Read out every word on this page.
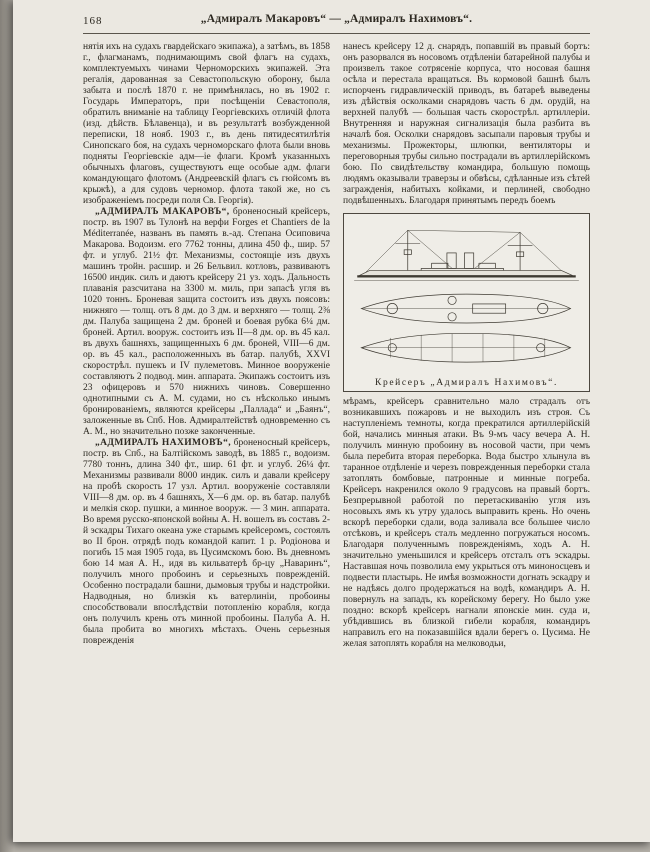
168	„Адмиралъ Макаровъ“ — „Адмиралъ Нахимовъ“.

нятія ихъ на судахъ гвардейскаго экипажа), а затѣмъ, въ 1858 г., флагманамъ, поднимающимъ свой флагъ на судахъ, комплектуемыхъ чинами Черноморскихъ экипажей. Эта регалія, дарованная за Севастопольскую оборону, была забыта и послѣ 1870 г. не примѣнялась, но въ 1902 г. Государь Императоръ, при посѣщеніи Севастополя, обратилъ вниманіе на таблицу Георгіевскихъ отличій флота (изд. дѣйств. Бѣлавенца), и въ результатѣ возбужденной переписки, 18 нояб. 1903 г., въ день пятидесятилѣтія Синопскаго боя, на судахъ черноморскаго флота были вновь подняты Георгіевскіе адм—іе флаги. Кромѣ указанныхъ обычныхъ флаговъ, существуютъ еще особые адм. флаги командующаго флотомъ (Андреевскій флагъ съ гюйсомъ въ крыжѣ), а для судовъ черномор. флота такой же, но съ изображеніемъ посреди поля Св. Георгія).

„АДМИРАЛЪ МАКАРОВЪ“, броненосный крейсеръ, постр. въ 1907 въ Тулонѣ на верфи Forges et Chantiers de la Méditerranée, названъ въ память в.-ад. Степана Осиповича Макарова. Водоизм. его 7762 тонны, длина 450 ф., шир. 57 фт. и углуб. 21½ фт. Механизмы, состоящіе изъ двухъ машинъ тройн. расшир. и 26 Бельвил. котловъ, развиваютъ 16500 индик. силъ и даютъ крейсеру 21 уз. ходъ. Дальность плаванія разсчитана на 3300 м. миль, при запасѣ угля въ 1020 тоннъ. Броневая защита состоитъ изъ двухъ поясовъ: нижняго — толщ. отъ 8 дм. до 3 дм. и верхняго — толщ. 2⅜ дм. Палуба защищена 2 дм. броней и боевая рубка 6¼ дм. броней. Артил. вооруж. состоитъ изъ II—8 дм. ор. въ 45 кал. въ двухъ башняхъ, защищенныхъ 6 дм. броней, VIII—6 дм. ор. въ 45 кал., расположенныхъ въ батар. палубѣ, XXVI скорострѣл. пушекъ и IV пулеметовъ. Минное вооруженіе составляютъ 2 подвод. мин. аппарата. Экипажъ состоитъ изъ 23 офицеровъ и 570 нижнихъ чиновъ. Совершенно однотипными съ А. М. судами, но съ нѣсколько инымъ бронированіемъ, являются крейсеры „Паллада“ и „Баянъ“, заложенные въ Спб. Нов. Адмиралтействѣ одновременно съ А. М., но значительно позже законченные.

„АДМИРАЛЪ НАХИМОВЪ“, броненосный крейсеръ, постр. въ Спб., на Балтійскомъ заводѣ, въ 1885 г., водоизм. 7780 тоннъ, длина 340 фт., шир. 61 фт. и углуб. 26¼ фт. Механизмы развивали 8000 индик. силъ и давали крейсеру на пробѣ скорость 17 узл. Артил. вооруженіе составляли VIII—8 дм. ор. въ 4 башняхъ, X—6 дм. ор. въ батар. палубѣ и мелкія скор. пушки, а минное вооруж. — 3 мин. аппарата. Во время русско-японской войны А. Н. вошелъ въ составъ 2-й эскадры Тихаго океана уже старымъ крейсеромъ, состоялъ во II брон. отрядѣ подъ командой капит. 1 р. Родіонова и погибъ 15 мая 1905 года, въ Цусимскомъ бою. Въ дневномъ бою 14 мая А. Н., идя въ кильватерѣ бр-цу „Наваринъ“, получилъ много пробоинъ и серьезныхъ поврежденій. Особенно пострадали башни, дымовыя трубы и надстройки. Надводныя, но близкія къ ватерлиніи, пробоины способствовали впослѣдствіи потопленію корабля, когда онъ получилъ крень отъ минной пробоины. Палуба А. Н. была пробита во многихъ мѣстахъ. Очень серьезныя поврежденія

нанесъ крейсеру 12 д. снарядъ, попавшій въ правый бортъ: онъ разорвался въ носовомъ отдѣленіи батарейной палубы и произвелъ такое сотрясеніе корпуса, что носовая башня осѣла и перестала вращаться. Въ кормовой башнѣ былъ испорченъ гидравлическій приводъ, въ батареѣ выведены изъ дѣйствія осколками снарядовъ часть 6 дм. орудій, на верхней палубѣ — большая часть скорострѣл. артиллеріи. Внутренняя и наружная сигнализація была разбита въ началѣ боя. Осколки снарядовъ засыпали паровыя трубы и механизмы. Прожекторы, шлюпки, вентиляторы и переговорныя трубы сильно пострадали въ артиллерійскомъ бою. По свидѣтельству командира, большую помощь людямъ оказывали траверзы и обвѣсы, сдѣланные изъ сѣтей загражденія, набитыхъ койками, и перлиней, свободно подвѣшенныхъ. Благодаря принятымъ передъ боемъ

Крейсеръ „Адмиралъ Нахимовъ“.

мѣрамъ, крейсеръ сравнительно мало страдалъ отъ возникавшихъ пожаровъ и не выходилъ изъ строя. Съ наступленіемъ темноты, когда прекратился артиллерійскій бой, начались минныя атаки. Въ 9-мъ часу вечера А. Н. получилъ минную пробоину въ носовой части, при чемъ была перебита вторая переборка. Вода быстро хлынула въ таранное отдѣленіе и черезъ поврежденныя переборки стала затоплять бомбовые, патронные и минные погреба. Крейсеръ накренился около 9 градусовъ на правый бортъ. Безпрерывной работой по перетаскиванію угля изъ носовыхъ ямъ къ утру удалось выправить крень. Но очень вскорѣ переборки сдали, вода заливала все большее число отсѣковъ, и крейсеръ сталъ медленно погружаться носомъ. Благодаря полученнымъ поврежденіямъ, ходъ А. Н. значительно уменьшился и крейсеръ отсталъ отъ эскадры. Наставшая ночь позволила ему укрыться отъ миноносцевъ и подвести пластырь. Не имѣя возможности догнать эскадру и не надѣясь долго продержаться на водѣ, командиръ А. Н. повернулъ на западъ, къ корейскому берегу. Но было уже поздно: вскорѣ крейсеръ нагнали японскіе мин. суда и, убѣдившись въ близкой гибели корабля, командиръ направилъ его на показавшійся вдали берегъ о. Цусима. Не желая затоплять корабля на мелководьи,
